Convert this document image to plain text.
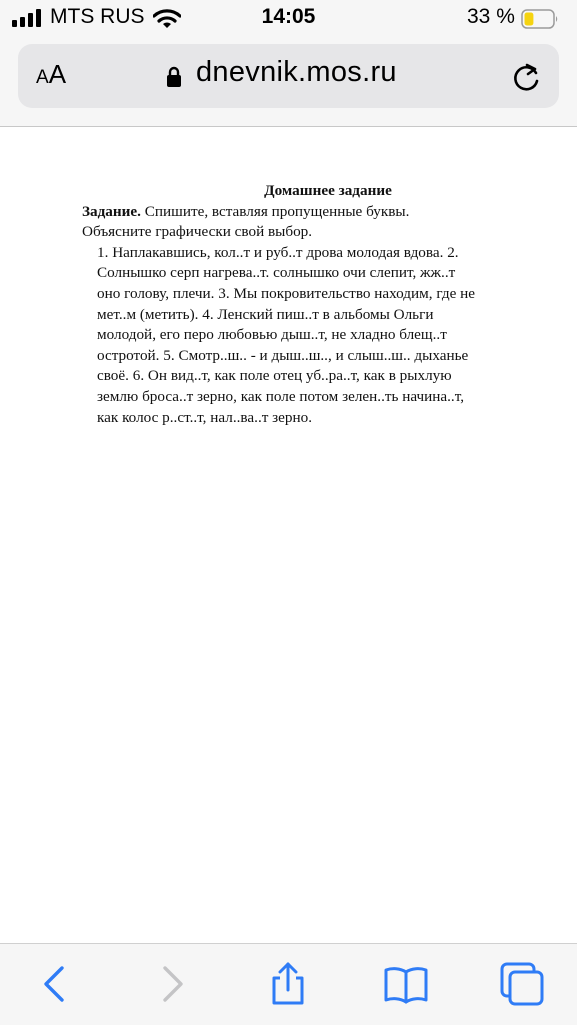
MTS RUS	14:05	33 %
AA	dnevnik.mos.ru

Домашнее задание

Задание. Спишите, вставляя пропущенные буквы.

Объясните графически свой выбор.

1. Наплакавшись, кол..т и руб..т дрова молодая вдова. 2.
Солнышко серп нагрева..т. солнышко очи слепит, жж..т
оно голову, плечи. 3. Мы покровительство находим, где не
мет..м (метить). 4. Ленский пиш..т в альбомы Ольги
молодой, его перо любовью дыш..т, не хладно блещ..т
остротой. 5. Смотр..ш.. - и дыш..ш.., и слыш..ш.. дыханье
своё. 6. Он вид..т, как поле отец уб..ра..т, как в рыхлую
землю броса..т зерно, как поле потом зелен..ть начина..т,
как колос р..ст..т, нал..ва..т зерно.
